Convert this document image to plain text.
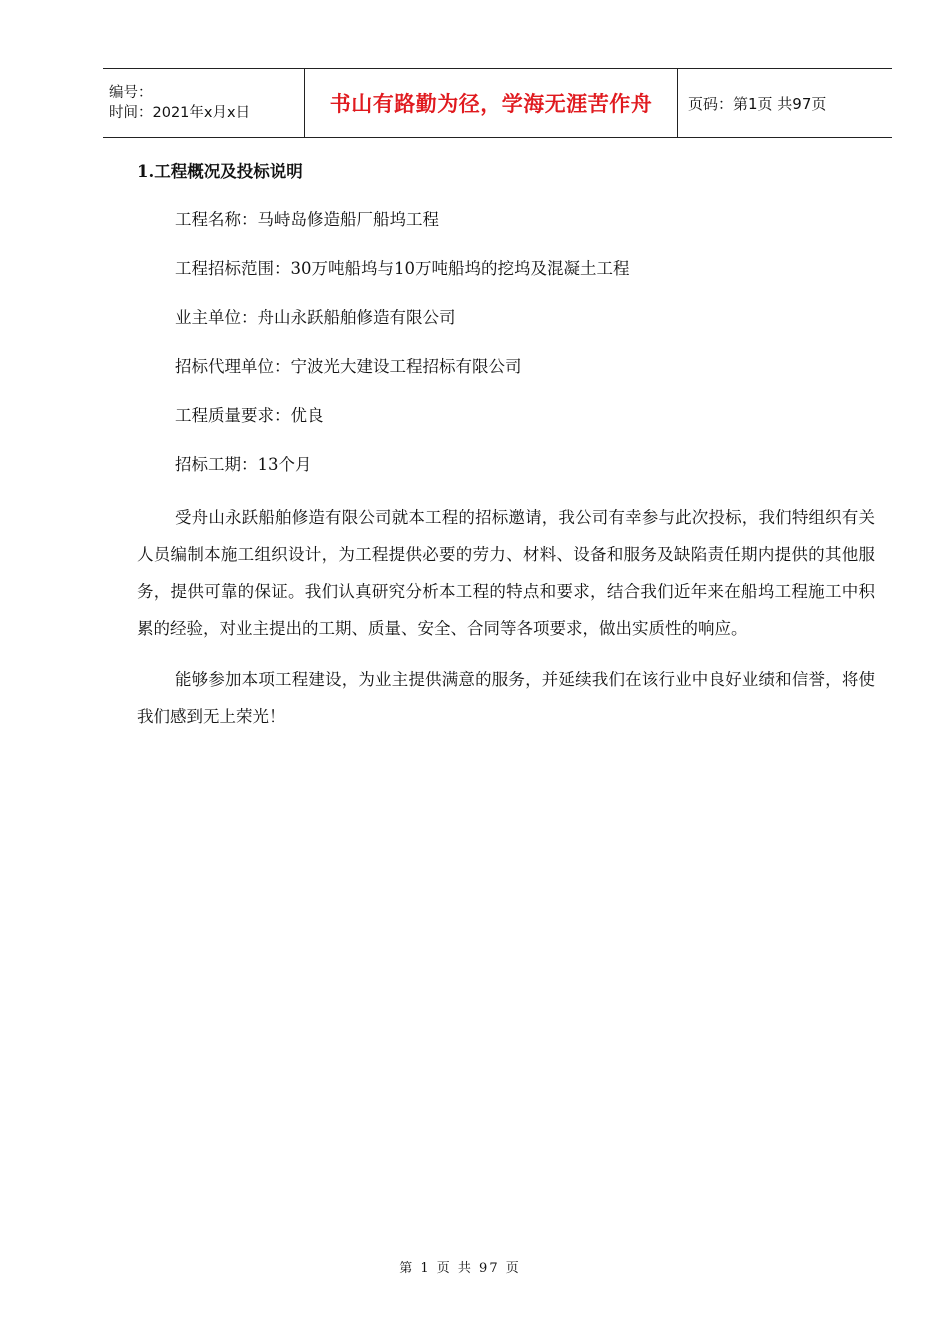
编号：
时间：2021年x月x日	书山有路勤为径，学海无涯苦作舟 页码：第1页 共97页
1.工程概况及投标说明
工程名称：马峙岛修造船厂船坞工程
工程招标范围：30万吨船坞与10万吨船坞的挖坞及混凝土工程
业主单位：舟山永跃船舶修造有限公司
招标代理单位：宁波光大建设工程招标有限公司
工程质量要求：优良
招标工期：13个月

受舟山永跃船舶修造有限公司就本工程的招标邀请，我公司有幸参与此次投标，我们特组织有关人员编制本施工组织设计，为工程提供必要的劳力、材料、设备和服务及缺陷责任期内提供的其他服务，提供可靠的保证。我们认真研究分析本工程的特点和要求，结合我们近年来在船坞工程施工中积累的经验，对业主提出的工期、质量、安全、合同等各项要求，做出实质性的响应。

能够参加本项工程建设，为业主提供满意的服务，并延续我们在该行业中良好业绩和信誉，将使我们感到无上荣光！

第 1 页 共 97 页
